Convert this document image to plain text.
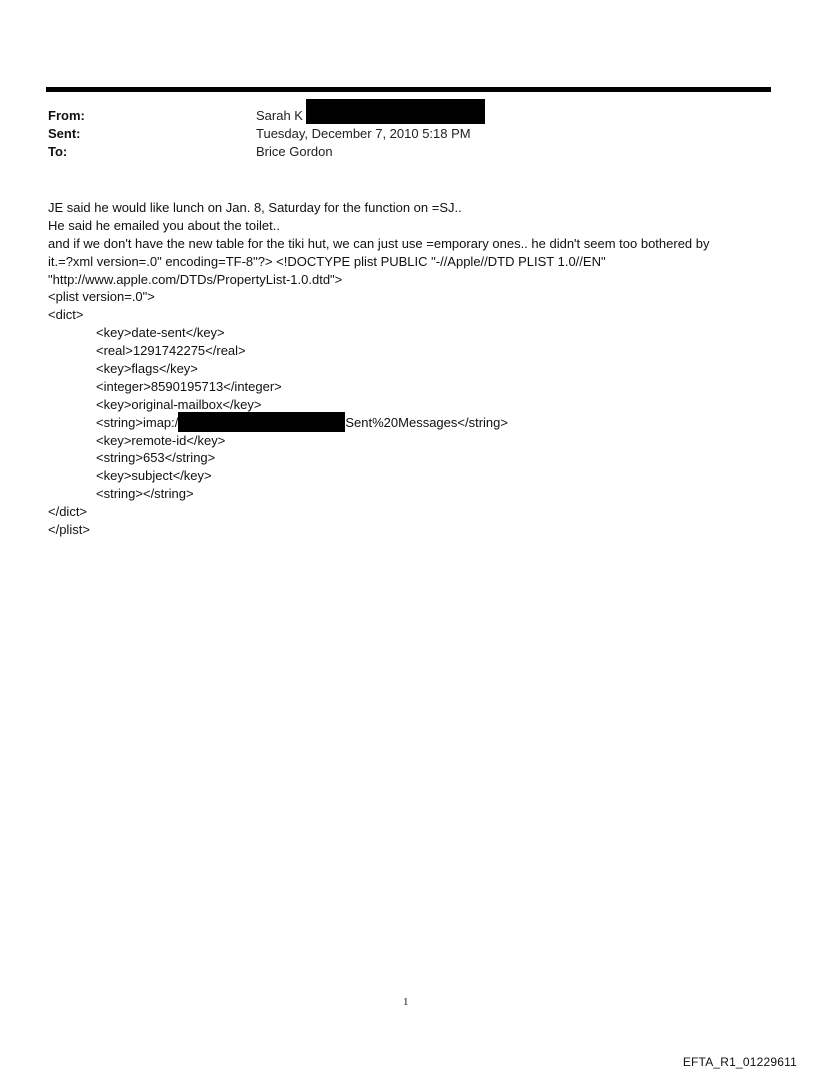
From:	Sarah K
Sent:	Tuesday, December 7, 2010 5:18 PM
To:	Brice Gordon
JE said he would like lunch on Jan. 8, Saturday for the function on =SJ..
He said he emailed you about the toilet..
and if we don't have the new table for the tiki hut, we can just use =emporary ones.. he didn't seem too bothered by
it.=?xml version=.0" encoding=TF-8"?> <!DOCTYPE plist PUBLIC "-//Apple//DTD PLIST 1.0//EN"
"http://www.apple.com/DTDs/PropertyList-1.0.dtd">
<plist version=.0">
<dict>
<key>date-sent</key>
<real>1291742275</real>
<key>flags</key>
<integer>8590195713</integer>
<key>original-mailbox</key>
<string>imap:/	Sent%20Messages</string>
<key>remote-id</key>
<string>653</string>
<key>subject</key>
<string></string>
</dict>
</plist>
1
EFTA_R1_01229611
